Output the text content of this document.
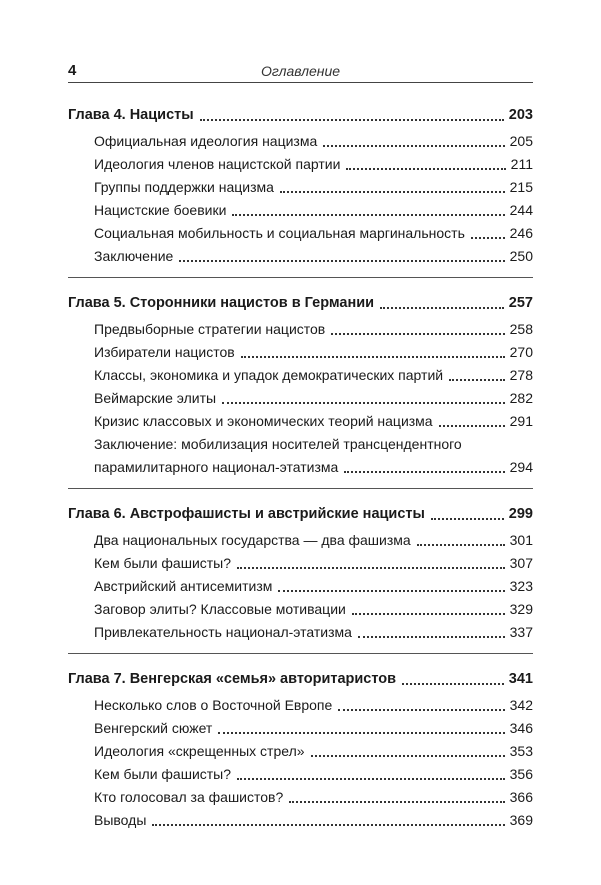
4	Оглавление
Глава 4. Нацисты	203
Официальная идеология нацизма	205
Идеология членов нацистской партии	211
Группы поддержки нацизма	215
Нацистские боевики	244
Социальная мобильность и социальная маргинальность	246
Заключение	250
Глава 5. Сторонники нацистов в Германии	257
Предвыборные стратегии нацистов	258
Избиратели нацистов	270
Классы, экономика и упадок демократических партий	278
Веймарские элиты	282
Кризис классовых и экономических теорий нацизма	291
Заключение: мобилизация носителей трансцендентного
парамилитарного национал-этатизма	294
Глава 6. Австрофашисты и австрийские нацисты	299
Два национальных государства — два фашизма	301
Кем были фашисты?	307
Австрийский антисемитизм	323
Заговор элиты? Классовые мотивации	329
Привлекательность национал-этатизма	337
Глава 7. Венгерская «семья» авторитаристов	341
Несколько слов о Восточной Европе	342
Венгерский сюжет	346
Идеология «скрещенных стрел»	353
Кем были фашисты?	356
Кто голосовал за фашистов?	366
Выводы	369
